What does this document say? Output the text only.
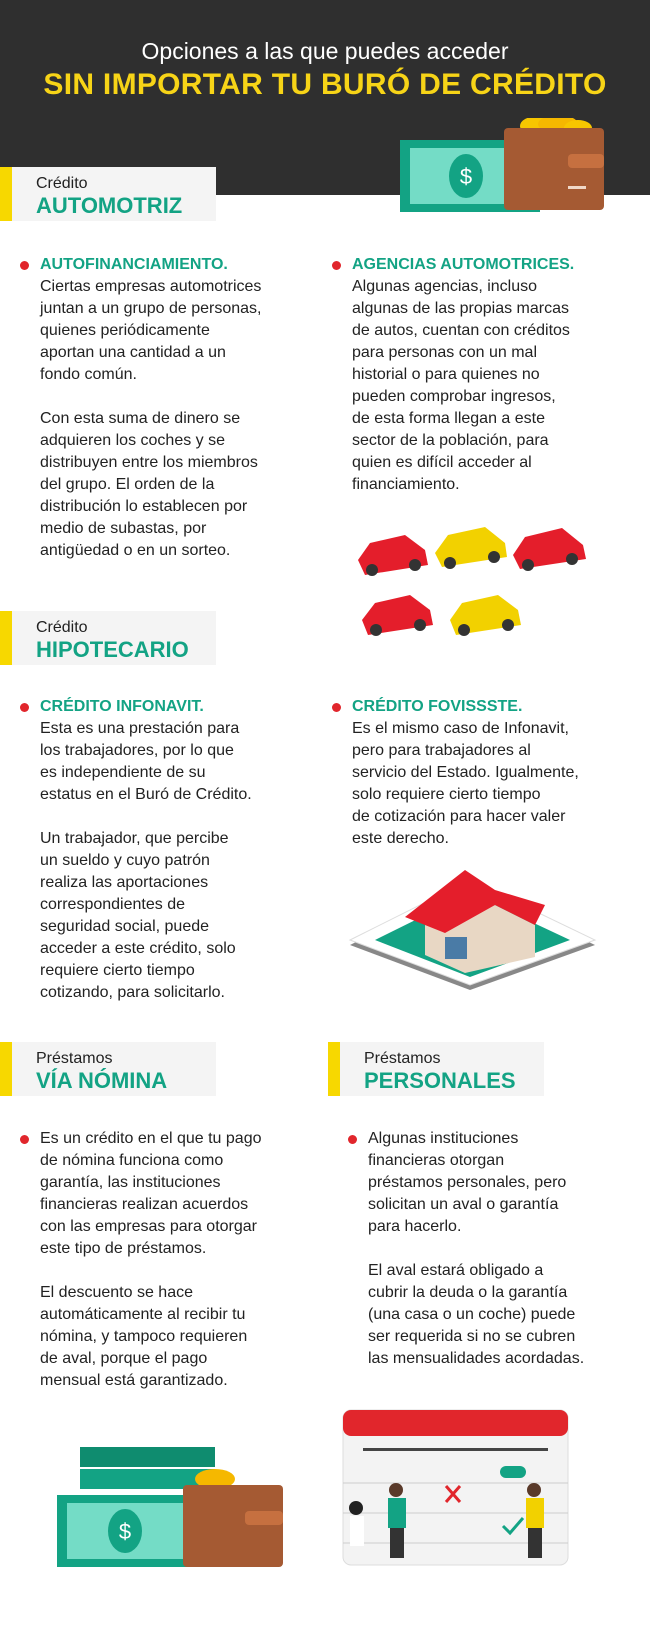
Opciones a las que puedes acceder
SIN IMPORTAR TU BURÓ DE CRÉDITO
$
Crédito
AUTOMOTRIZ
AUTOFINANCIAMIENTO.

Ciertas empresas automotrices
juntan a un grupo de personas,
quienes periódicamente
aportan una cantidad a un
fondo común.

Con esta suma de dinero se
adquieren los coches y se
distribuyen entre los miembros
del grupo. El orden de la
distribución lo establecen por
medio de subastas, por
antigüedad o en un sorteo.

AGENCIAS AUTOMOTRICES.

Algunas agencias, incluso
algunas de las propias marcas
de autos, cuentan con créditos
para personas con un mal
historial o para quienes no
pueden comprobar ingresos,
de esta forma llegan a este
sector de la población, para
quien es difícil acceder al
financiamiento.

Crédito
HIPOTECARIO
CRÉDITO INFONAVIT.

Esta es una prestación para
los trabajadores, por lo que
es independiente de su
estatus en el Buró de Crédito.

Un trabajador, que percibe
un sueldo y cuyo patrón
realiza las aportaciones
correspondientes de
seguridad social, puede
acceder a este crédito, solo
requiere cierto tiempo
cotizando, para solicitarlo.

CRÉDITO FOVISSSTE.

Es el mismo caso de Infonavit,
pero para trabajadores al
servicio del Estado. Igualmente,
solo requiere cierto tiempo
de cotización para hacer valer
este derecho.

Préstamos
VÍA NÓMINA
Préstamos
PERSONALES

Es un crédito en el que tu pago
de nómina funciona como
garantía, las instituciones
financieras realizan acuerdos
con las empresas para otorgar
este tipo de préstamos.

El descuento se hace
automáticamente al recibir tu
nómina, y tampoco requieren
de aval, porque el pago
mensual está garantizado.

Algunas instituciones
financieras otorgan
préstamos personales, pero
solicitan un aval o garantía
para hacerlo.

El aval estará obligado a
cubrir la deuda o la garantía
(una casa o un coche) puede
ser requerida si no se cubren
las mensualidades acordadas.

$
